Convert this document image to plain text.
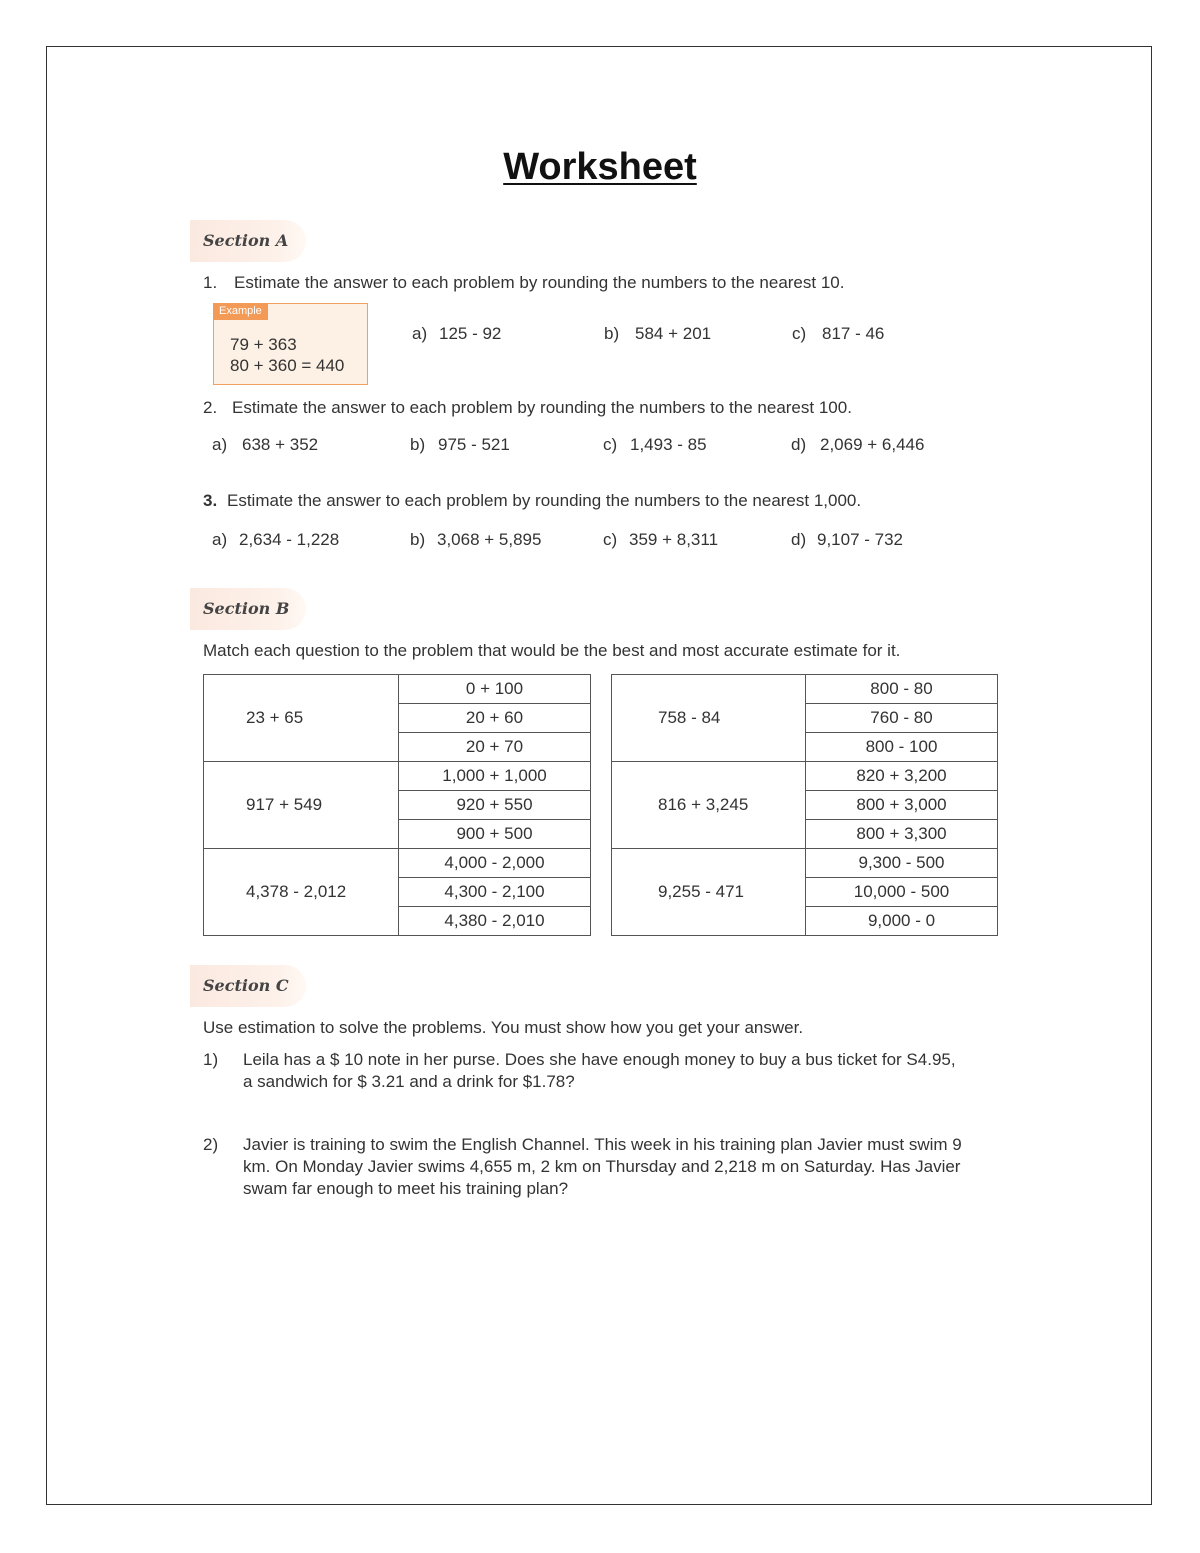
Worksheet
Section A
1. Estimate the answer to each problem by rounding the numbers to the nearest 10.
Example
79 + 363
80 + 360 = 440
a) 125 - 92	b) 584 + 201	c) 817 - 46
2. Estimate the answer to each problem by rounding the numbers to the nearest 100.
a) 638 + 352	b) 975 - 521	c) 1,493 - 85	d) 2,069 + 6,446
3. Estimate the answer to each problem by rounding the numbers to the nearest 1,000.
a) 2,634 - 1,228	b) 3,068 + 5,895	c) 359 + 8,311	d) 9,107 - 732
Section B
Match each question to the problem that would be the best and most accurate estimate for it.
23 + 65	0 + 100
	20 + 60
	20 + 70
917 + 549	1,000 + 1,000
	920 + 550
	900 + 500
4,378 - 2,012	4,000 - 2,000
	4,300 - 2,100
	4,380 - 2,010
758 - 84	800 - 80
	760 - 80
	800 - 100
816 + 3,245	820 + 3,200
	800 + 3,000
	800 + 3,300
9,255 - 471	9,300 - 500
	10,000 - 500
	9,000 - 0
Section C
Use estimation to solve the problems. You must show how you get your answer.
1) Leila has a $ 10 note in her purse. Does she have enough money to buy a bus ticket for S4.95, a sandwich for $ 3.21 and a drink for $1.78?
2) Javier is training to swim the English Channel. This week in his training plan Javier must swim 9 km. On Monday Javier swims 4,655 m, 2 km on Thursday and 2,218 m on Saturday. Has Javier swam far enough to meet his training plan?
